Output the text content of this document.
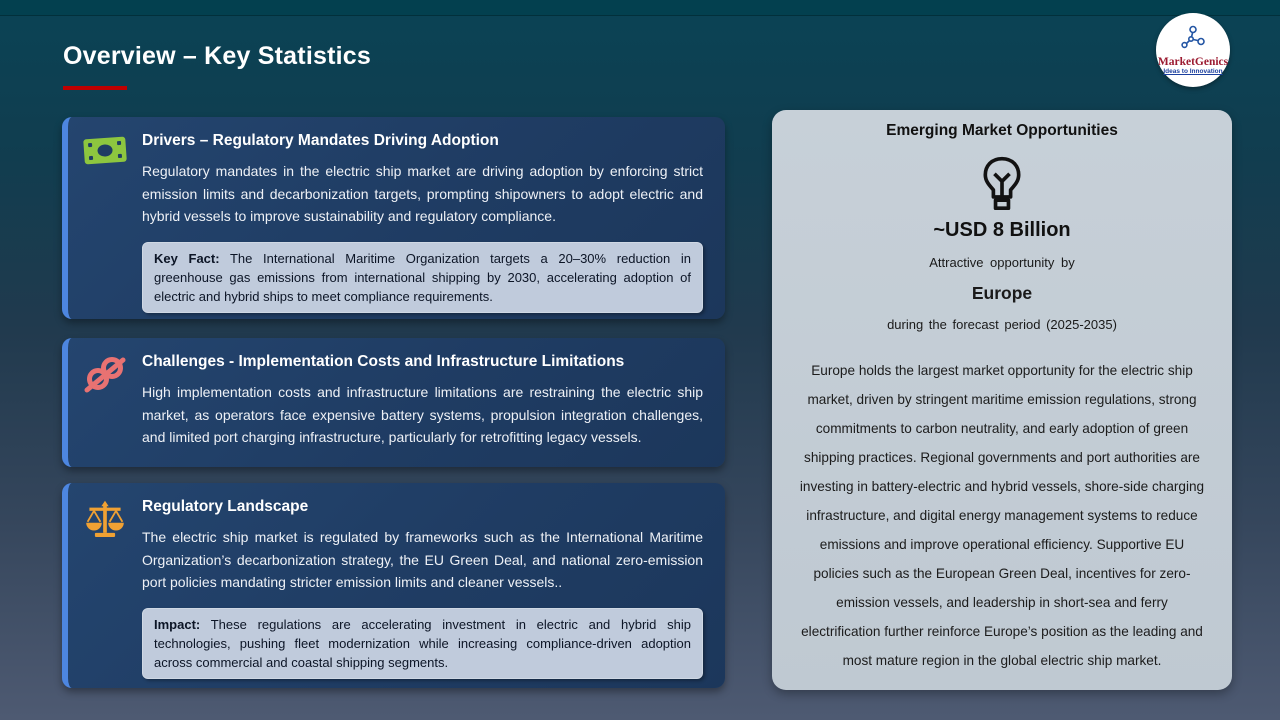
Overview – Key Statistics	MarketGenics
Ideas to Innovation

Drivers – Regulatory Mandates Driving Adoption

Regulatory mandates in the electric ship market are driving adoption by enforcing strict emission limits and decarbonization targets, prompting shipowners to adopt electric and hybrid vessels to improve sustainability and regulatory compliance.

Key Fact: The International Maritime Organization targets a 20–30% reduction in greenhouse gas emissions from international shipping by 2030, accelerating adoption of electric and hybrid ships to meet compliance requirements.

Challenges - Implementation Costs and Infrastructure Limitations

High implementation costs and infrastructure limitations are restraining the electric ship market, as operators face expensive battery systems, propulsion integration challenges, and limited port charging infrastructure, particularly for retrofitting legacy vessels.

Regulatory Landscape

The electric ship market is regulated by frameworks such as the International Maritime Organization’s decarbonization strategy, the EU Green Deal, and national zero-emission port policies mandating stricter emission limits and cleaner vessels..

Impact: These regulations are accelerating investment in electric and hybrid ship technologies, pushing fleet modernization while increasing compliance-driven adoption across commercial and coastal shipping segments.

Emerging Market Opportunities

~USD 8 Billion
Attractive opportunity by
Europe
during the forecast period (2025-2035)
Europe holds the largest market opportunity for the electric ship market, driven by stringent maritime emission regulations, strong commitments to carbon neutrality, and early adoption of green shipping practices. Regional governments and port authorities are investing in battery-electric and hybrid vessels, shore-side charging infrastructure, and digital energy management systems to reduce emissions and improve operational efficiency. Supportive EU policies such as the European Green Deal, incentives for zero-emission vessels, and leadership in short-sea and ferry electrification further reinforce Europe’s position as the leading and most mature region in the global electric ship market.
